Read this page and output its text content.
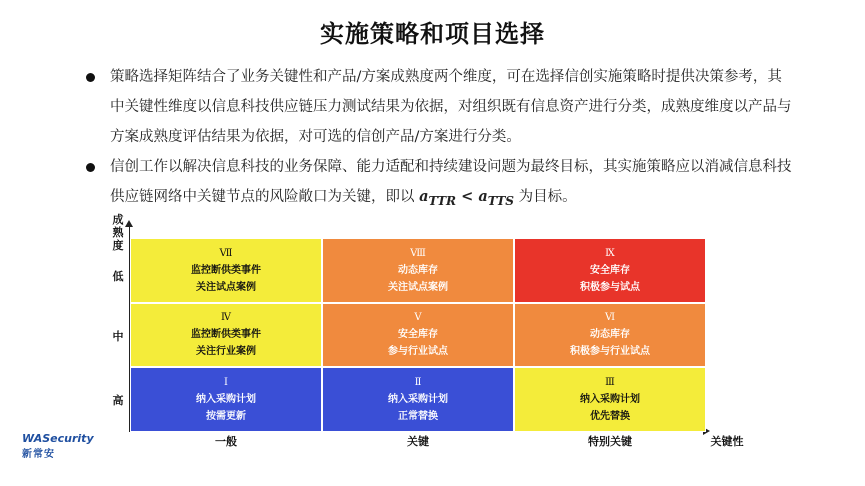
实施策略和项目选择
策略选择矩阵结合了业务关键性和产品/方案成熟度两个维度，可在选择信创实施策略时提供决策参考，其中关键性维度以信息科技供应链压力测试结果为依据，对组织既有信息资产进行分类，成熟度维度以产品与方案成熟度评估结果为依据，对可选的信创产品/方案进行分类。
信创工作以解决信息科技的业务保障、能力适配和持续建设问题为最终目标，其实施策略应以消减信息科技供应链网络中关键节点的风险敞口为关键，即以 $a_{TTR} < a_{TTS}$ 为目标。
成
熟
度
关键性
Ⅶ
监控断供类事件
关注试点案例
Ⅷ
动态库存
关注试点案例
Ⅸ
安全库存
积极参与试点
Ⅳ
监控断供类事件
关注行业案例
Ⅴ
安全库存
参与行业试点
Ⅵ
动态库存
积极参与行业试点
Ⅰ
纳入采购计划
按需更新
Ⅱ
纳入采购计划
正常替换
Ⅲ
纳入采购计划
优先替换
低
中
高
一般	关键	特别关键
WASecurity
新常安
